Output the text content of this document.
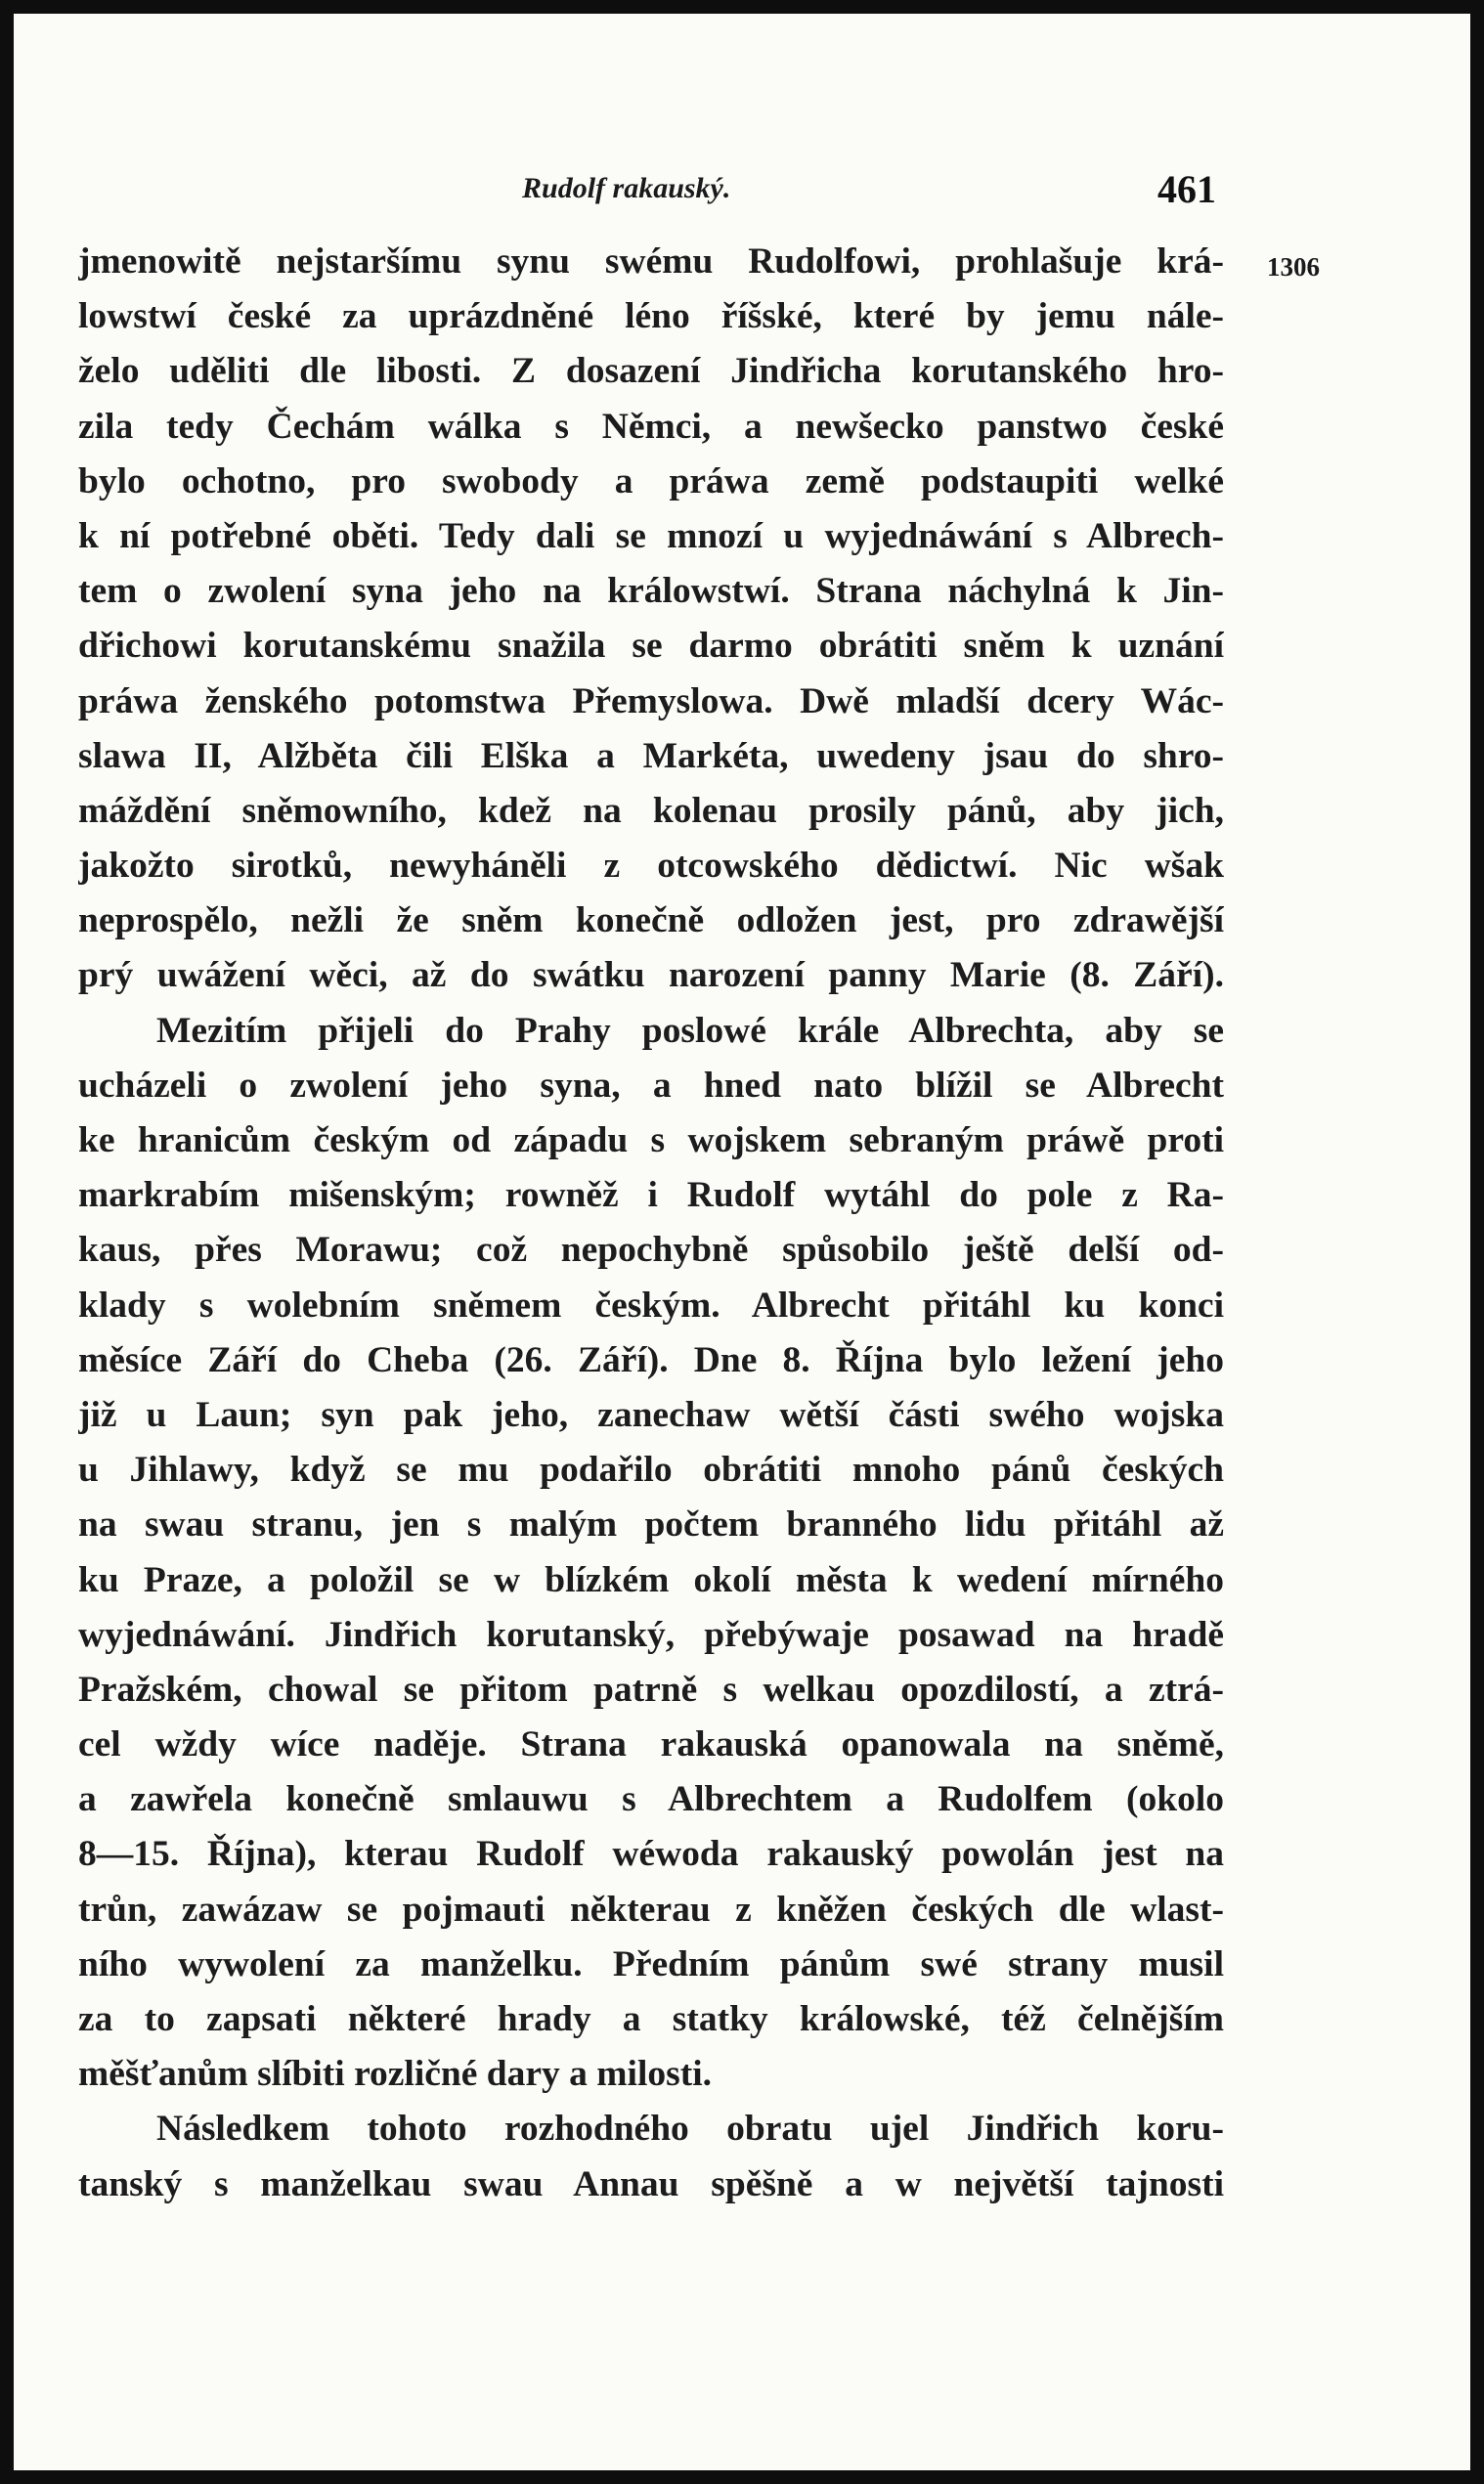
Rudolf rakauský.	461
1306
jmenowitě nejstaršímu synu swému Rudolfowi, prohlašuje krá-
lowstwí české za uprázdněné léno říšské, které by jemu nále-
želo uděliti dle libosti. Z dosazení Jindřicha korutanského hro-
zila tedy Čechám wálka s Němci, a newšecko panstwo české
bylo ochotno, pro swobody a práwa země podstaupiti welké
k ní potřebné oběti. Tedy dali se mnozí u wyjednáwání s Albrech-
tem o zwolení syna jeho na králowstwí. Strana náchylná k Jin-
dřichowi korutanskému snažila se darmo obrátiti sněm k uznání
práwa ženského potomstwa Přemyslowa. Dwě mladší dcery Wác-
slawa II, Alžběta čili Elška a Markéta, uwedeny jsau do shro-
máždění sněmowního, kdež na kolenau prosily pánů, aby jich,
jakožto sirotků, newyháněli z otcowského dědictwí. Nic wšak
neprospělo, nežli že sněm konečně odložen jest, pro zdrawější
prý uwážení wěci, až do swátku narození panny Marie (8. Září).
Mezitím přijeli do Prahy poslowé krále Albrechta, aby se
ucházeli o zwolení jeho syna, a hned nato blížil se Albrecht
ke hranicům českým od západu s wojskem sebraným práwě proti
markrabím mišenským; rowněž i Rudolf wytáhl do pole z Ra-
kaus, přes Morawu; což nepochybně spůsobilo ještě delší od-
klady s wolebním sněmem českým. Albrecht přitáhl ku konci
měsíce Září do Cheba (26. Září). Dne 8. Října bylo ležení jeho
již u Laun; syn pak jeho, zanechaw wětší části swého wojska
u Jihlawy, když se mu podařilo obrátiti mnoho pánů českých
na swau stranu, jen s malým počtem branného lidu přitáhl až
ku Praze, a položil se w blízkém okolí města k wedení mírného
wyjednáwání. Jindřich korutanský, přebýwaje posawad na hradě
Pražském, chowal se přitom patrně s welkau opozdilostí, a ztrá-
cel wždy wíce naděje. Strana rakauská opanowala na sněmě,
a zawřela konečně smlauwu s Albrechtem a Rudolfem (okolo
8—15. Října), kterau Rudolf wéwoda rakauský powolán jest na
trůn, zawázaw se pojmauti některau z kněžen českých dle wlast-
ního wywolení za manželku. Předním pánům swé strany musil
za to zapsati některé hrady a statky králowské, též čelnějším
měšťanům slíbiti rozličné dary a milosti.
Následkem tohoto rozhodného obratu ujel Jindřich koru-
tanský s manželkau swau Annau spěšně a w největší tajnosti
